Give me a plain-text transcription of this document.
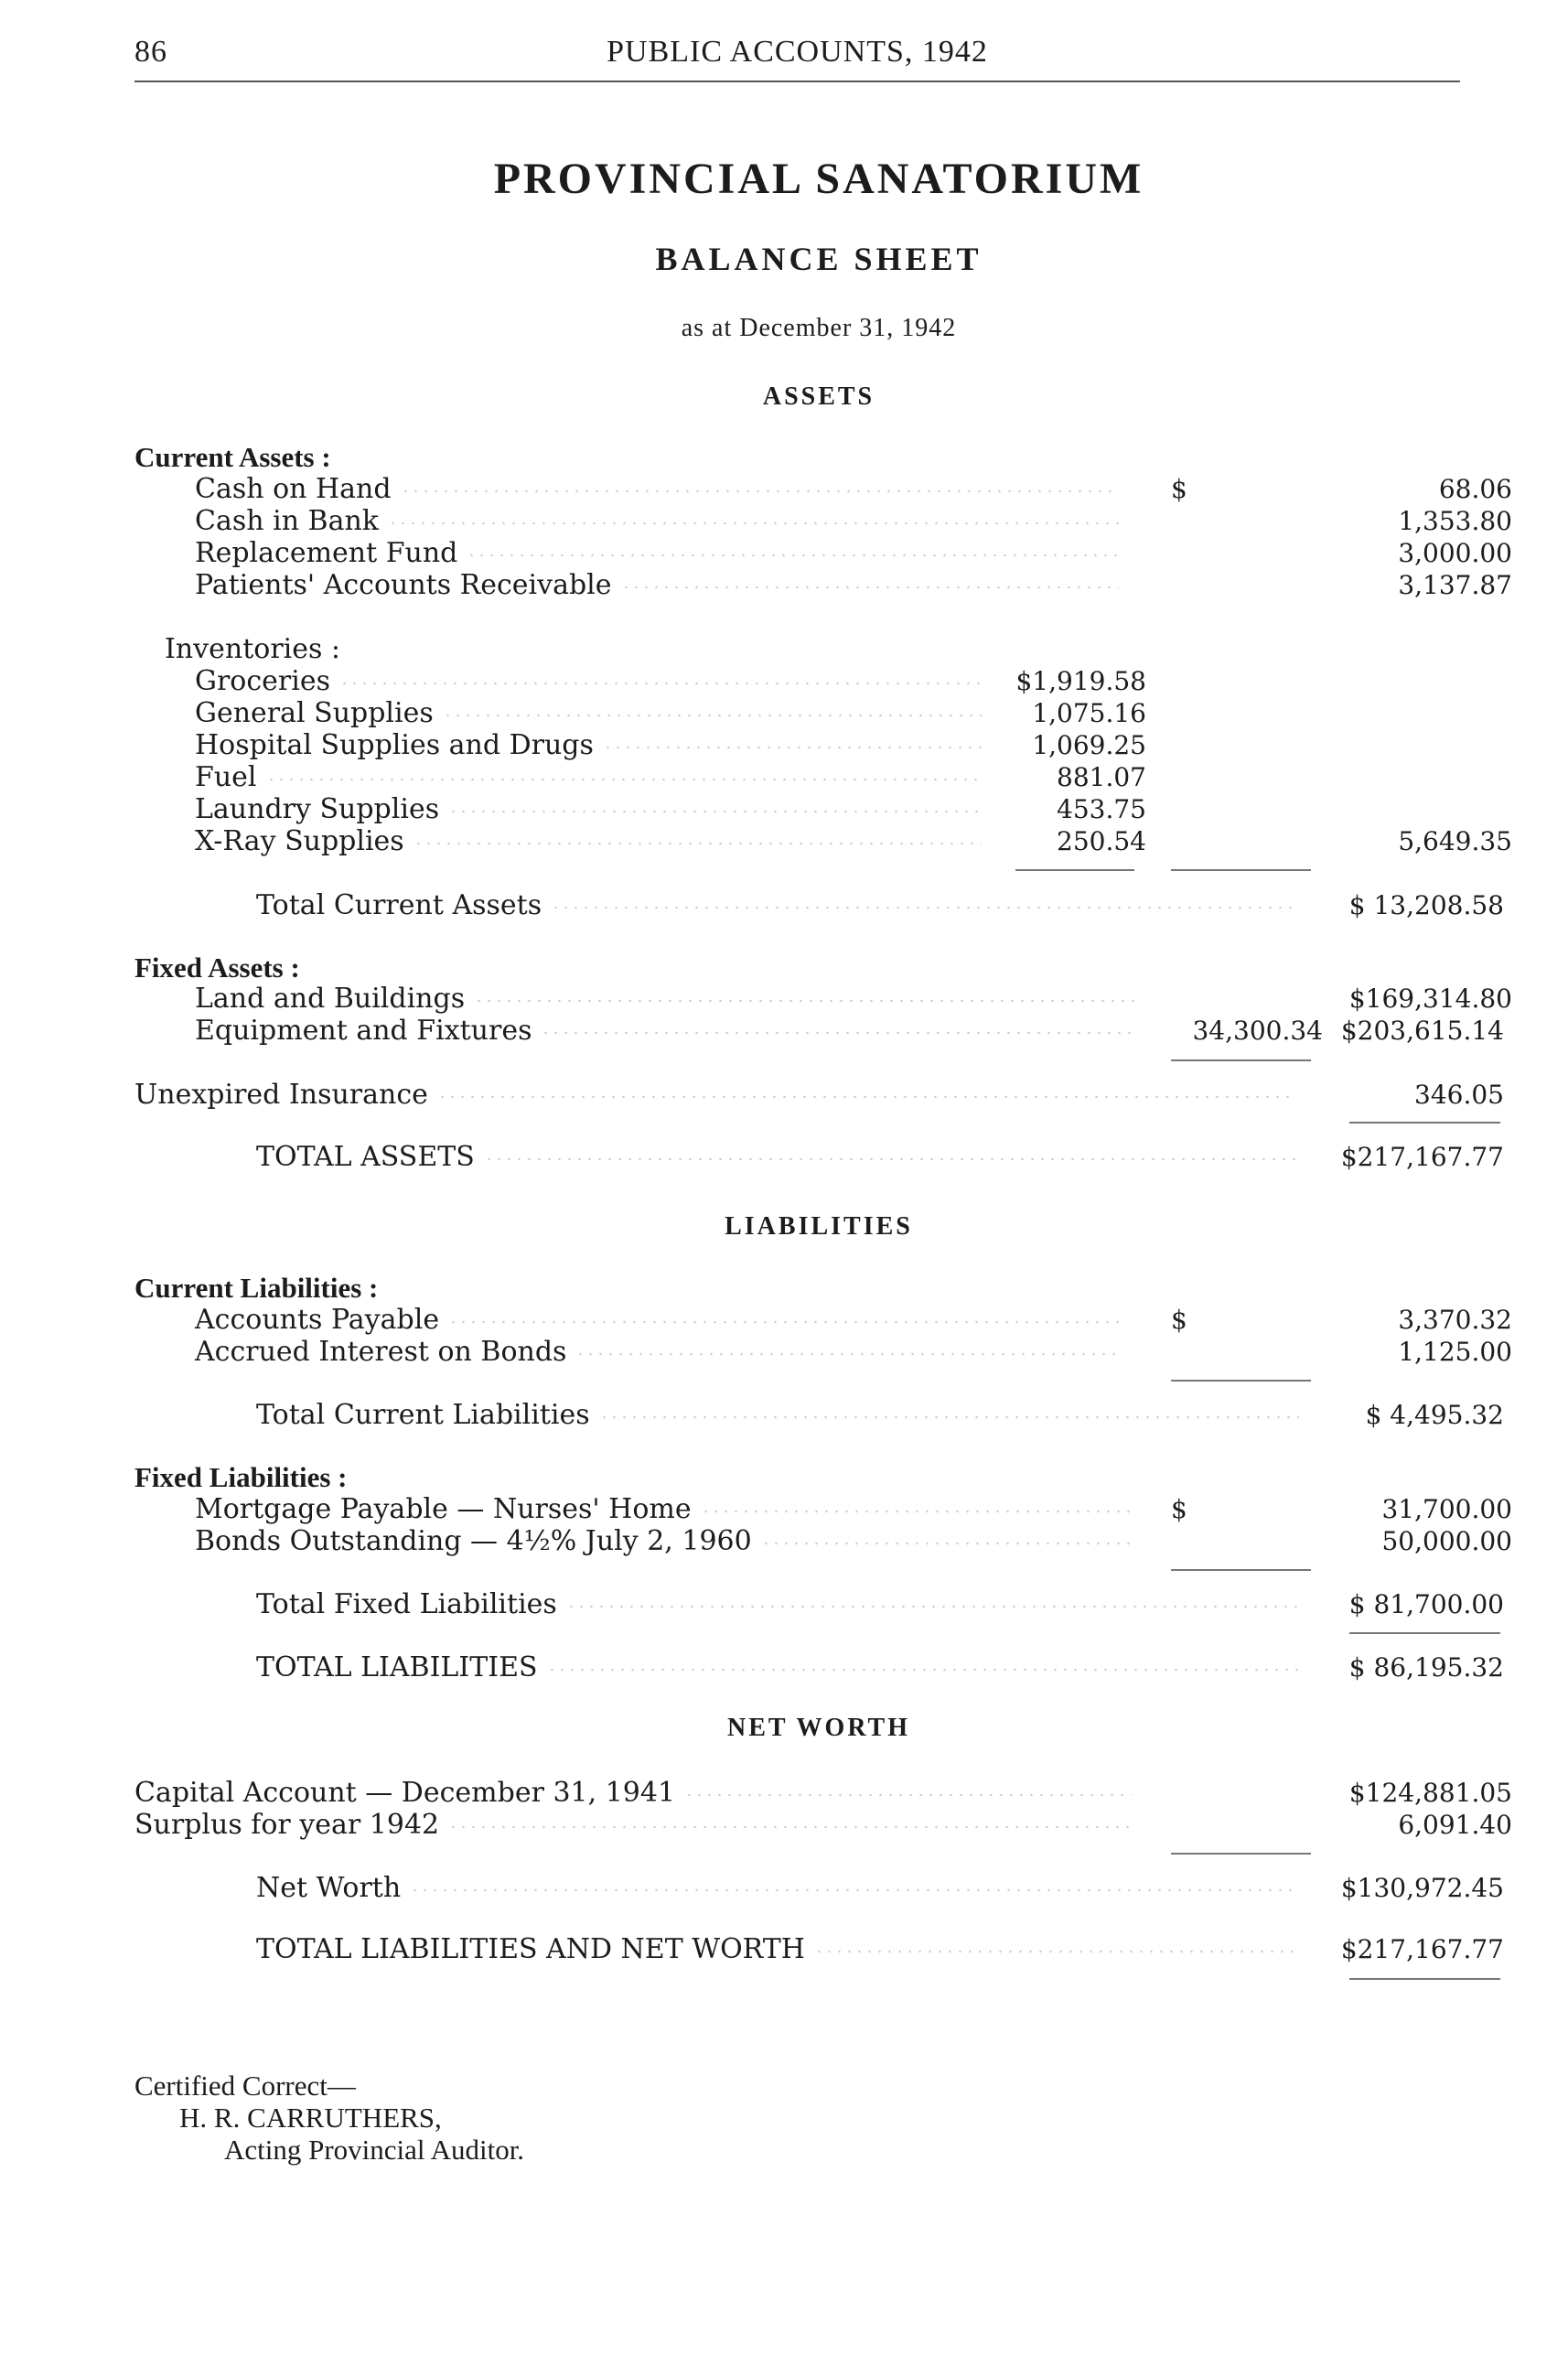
86	PUBLIC ACCOUNTS, 1942
PROVINCIAL SANATORIUM
BALANCE SHEET
as at December 31, 1942
ASSETS
Current Assets :
Cash on Hand	$	68.06
Cash in Bank	1,353.80
Replacement Fund	3,000.00
Patients' Accounts Receivable	3,137.87
Inventories :
Groceries	$1,919.58
General Supplies	1,075.16
Hospital Supplies and Drugs	1,069.25
Fuel	881.07
Laundry Supplies	453.75
X-Ray Supplies	250.54	5,649.35
Total Current Assets	$ 13,208.58
Fixed Assets :
Land and Buildings	$169,314.80
Equipment and Fixtures	34,300.34 $203,615.14
Unexpired Insurance	346.05
TOTAL ASSETS	$217,167.77
LIABILITIES
Current Liabilities :
Accounts Payable	$	3,370.32
Accrued Interest on Bonds	1,125.00
Total Current Liabilities	$ 4,495.32
Fixed Liabilities :
Mortgage Payable — Nurses' Home	$	31,700.00
Bonds Outstanding — 4½% July 2, 1960	50,000.00
Total Fixed Liabilities	$ 81,700.00
TOTAL LIABILITIES	$ 86,195.32
NET WORTH
Capital Account — December 31, 1941	$124,881.05
Surplus for year 1942	6,091.40
Net Worth	$130,972.45
TOTAL LIABILITIES AND NET WORTH	$217,167.77
Certified Correct—
H. R. CARRUTHERS,
Acting Provincial Auditor.
